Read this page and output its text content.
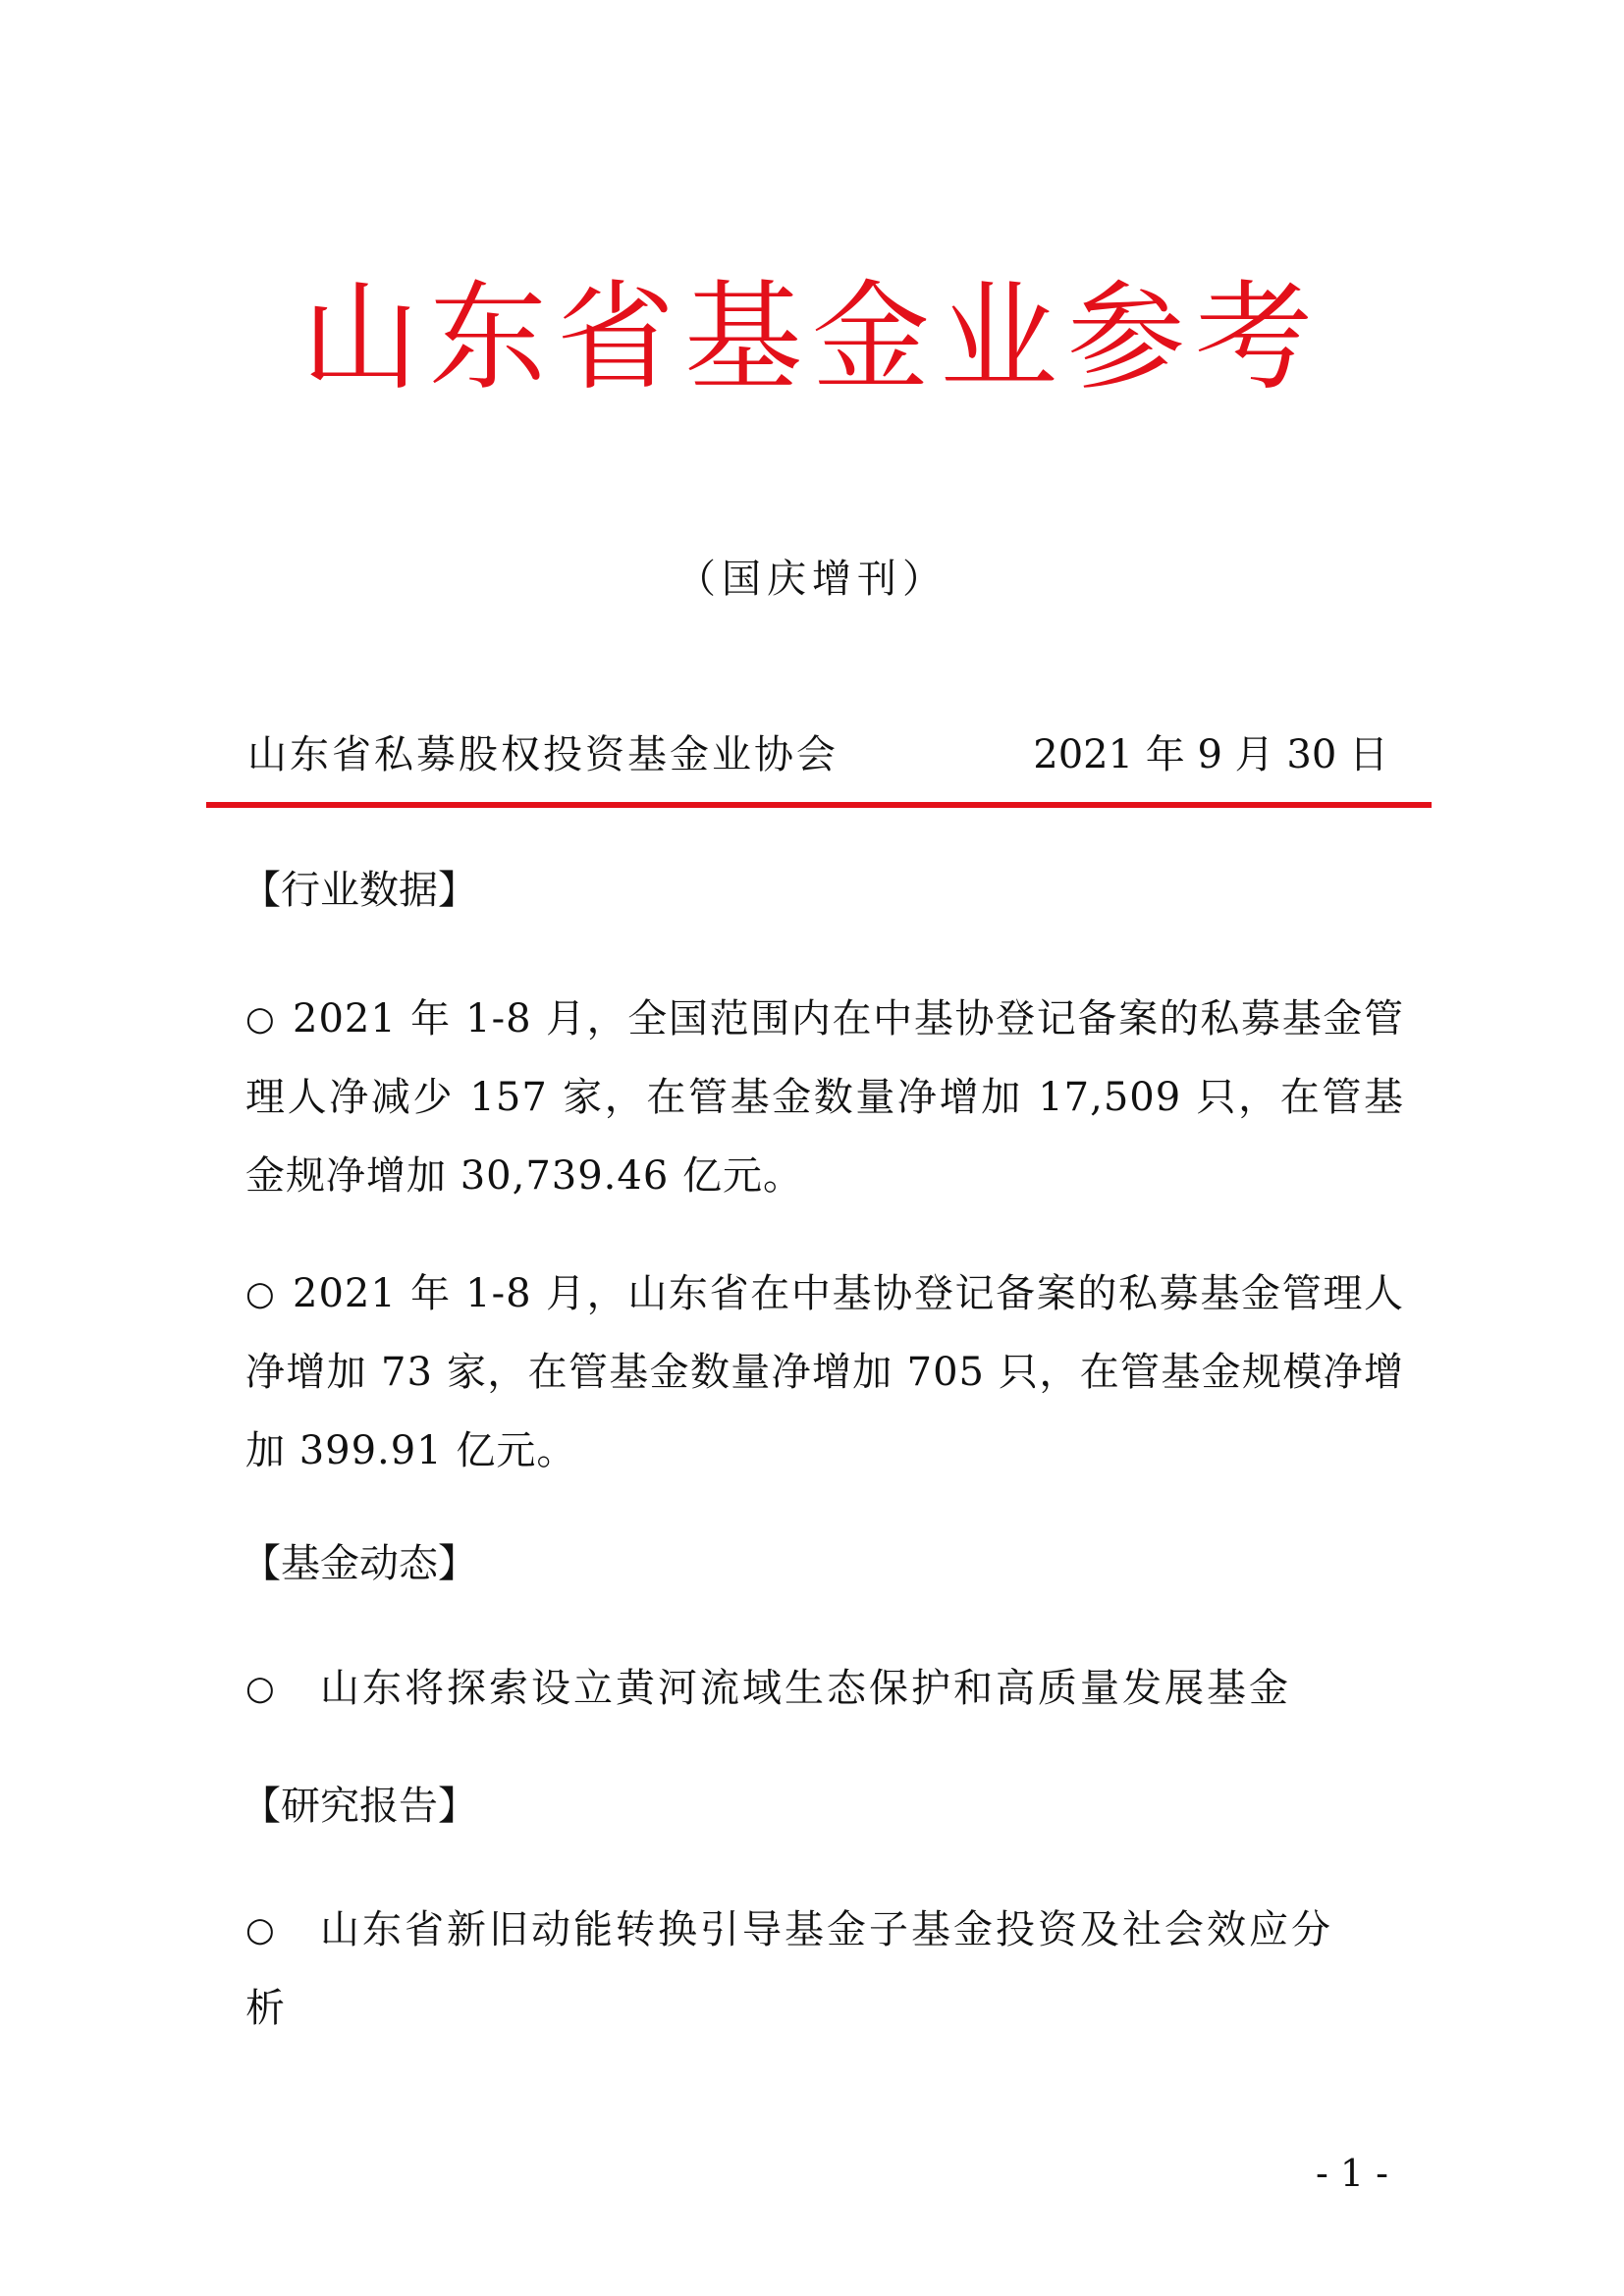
山东省基金业参考
（国庆增刊）
山东省私募股权投资基金业协会	2021 年 9 月 30 日
【行业数据】
○ 2021 年 1-8 月，全国范围内在中基协登记备案的私募基金管理人净减少 157 家，在管基金数量净增加 17,509 只，在管基金规净增加 30,739.46 亿元。
○ 2021 年 1-8 月，山东省在中基协登记备案的私募基金管理人净增加 73 家，在管基金数量净增加 705 只，在管基金规模净增加 399.91 亿元。
【基金动态】
○ 山东将探索设立黄河流域生态保护和高质量发展基金
【研究报告】
○ 山东省新旧动能转换引导基金子基金投资及社会效应分析
- 1 -
